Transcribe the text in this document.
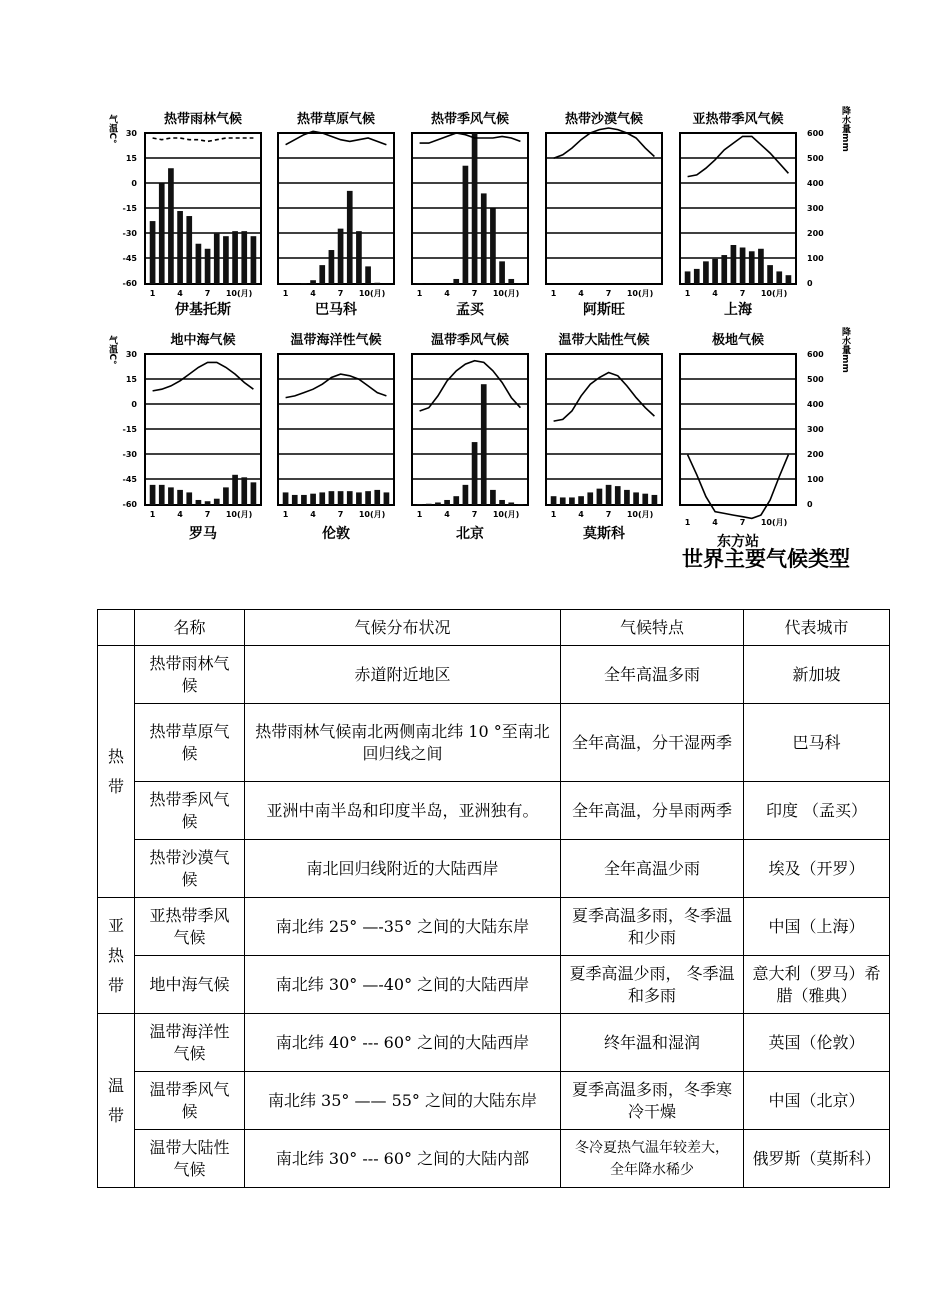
世界主要气候类型
热带雨林气候
伊基托斯
1	4	7 10(月)
热带草原气候
巴马科
1	4	7 10(月)
热带季风气候
孟买
1	4	7 10(月)
热带沙漠气候
阿斯旺
1	4	7 10(月)
亚热带季风气候
上海
1	4	7 10(月)
地中海气候
罗马
1	4	7 10(月)
温带海洋性气候
伦敦
1	4	7 10(月)
温带季风气候
北京
1	4	7 10(月)
温带大陆性气候
莫斯科
1	4	7 10(月)
极地气候
东方站
1	4	7 10(月)
30
15
0
-15
-30
-45
-60
气温C°	600
500
400
300
200
100
0
降水量mm
30
15
0
-15
-30
-45
-60
气温C°	600
500
400
300
200
100
0
降水量mm
	名称	气候分布状况	气候特点	代表城市

热带	热带雨林气候	赤道附近地区	全年高温多雨	新加坡
	热带草原气候	热带雨林气候南北两侧南北纬 10 °至南北回归线之间	全年高温，分干湿两季	巴马科
	热带季风气候	亚洲中南半岛和印度半岛，亚洲独有。	全年高温，分旱雨两季	印度 （孟买）
	热带沙漠气候	南北回归线附近的大陆西岸	全年高温少雨	埃及（开罗）

亚热带	亚热带季风气候	南北纬 25° —-35° 之间的大陆东岸	夏季高温多雨，冬季温和少雨	中国（上海）
	地中海气候	南北纬 30° —-40° 之间的大陆西岸	夏季高温少雨， 冬季温和多雨	意大利（罗马）希腊（雅典）

温带	温带海洋性气候	南北纬 40° --- 60° 之间的大陆西岸	终年温和湿润	英国（伦敦）
	温带季风气候	南北纬 35° —— 55° 之间的大陆东岸	夏季高温多雨，冬季寒冷干燥	中国（北京）
	温带大陆性气候	南北纬 30° --- 60° 之间的大陆内部	冬冷夏热气温年较差大，全年降水稀少	俄罗斯（莫斯科）
